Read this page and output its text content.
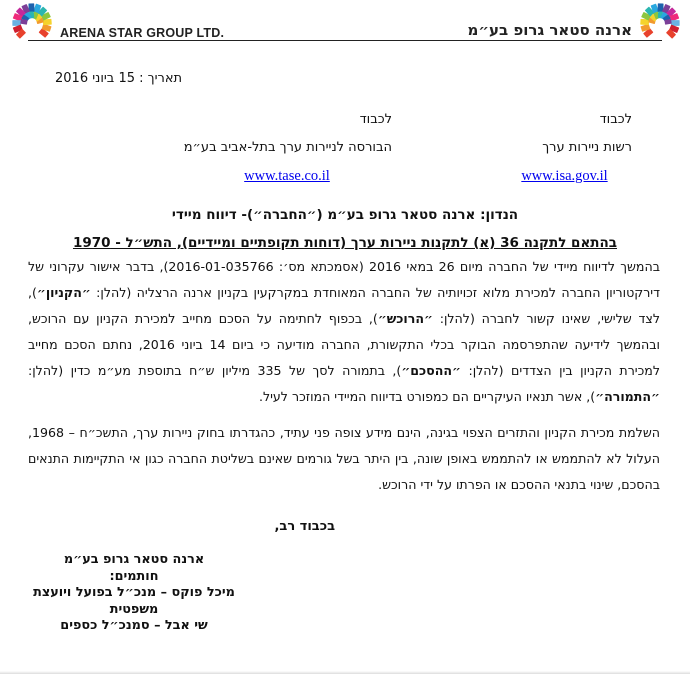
ARENA STAR GROUP LTD.	ארנה סטאר גרופ בע״מ
תאריך : 15 ביוני 2016
לכבוד
רשות ניירות ערך
www.isa.gov.il
לכבוד
הבורסה לניירות ערך בתל-אביב בע״מ
www.tase.co.il
הנדון: ארנה סטאר גרופ בע״מ (״החברה״)- דיווח מיידי
בהתאם לתקנה 36 (א) לתקנות ניירות ערך (דוחות תקופתיים ומיידיים), התש״ל - 1970

בהמשך לדיווח מיידי של החברה מיום 26 במאי 2016 (אסמכתא מס׳: 2016-01-035766), בדבר אישור עקרוני של דירקטוריון החברה למכירת מלוא זכויותיה של החברה המאוחדת במקרקעין בקניון ארנה הרצליה (להלן: ״הקניון״), לצד שלישי, שאינו קשור לחברה (להלן: ״הרוכש״), בכפוף לחתימה על הסכם מחייב למכירת הקניון עם הרוכש, ובהמשך לידיעה שהתפרסמה הבוקר בכלי התקשורת, החברה מודיעה כי ביום 14 ביוני 2016, נחתם הסכם מחייב למכירת הקניון בין הצדדים (להלן: ״ההסכם״), בתמורה לסך של 335 מיליון ש״ח בתוספת מע״מ כדין (להלן: ״התמורה״), אשר תנאיו העיקריים הם כמפורט בדיווח המיידי המוזכר לעיל.

השלמת מכירת הקניון והתזרים הצפוי בגינה, הינם מידע צופה פני עתיד, כהגדרתו בחוק ניירות ערך, התשכ״ח – 1968, העלול לא להתממש או להתממש באופן שונה, בין היתר בשל גורמים שאינם בשליטת החברה כגון אי התקיימות התנאים בהסכם, שינוי בתנאי ההסכם או הפרתו על ידי הרוכש.

בכבוד רב,
ארנה סטאר גרופ בע״מ
חותמים:
מיכל פוקס – מנכ״ל בפועל ויועצת
משפטית
שי אבל – סמנכ״ל כספים
